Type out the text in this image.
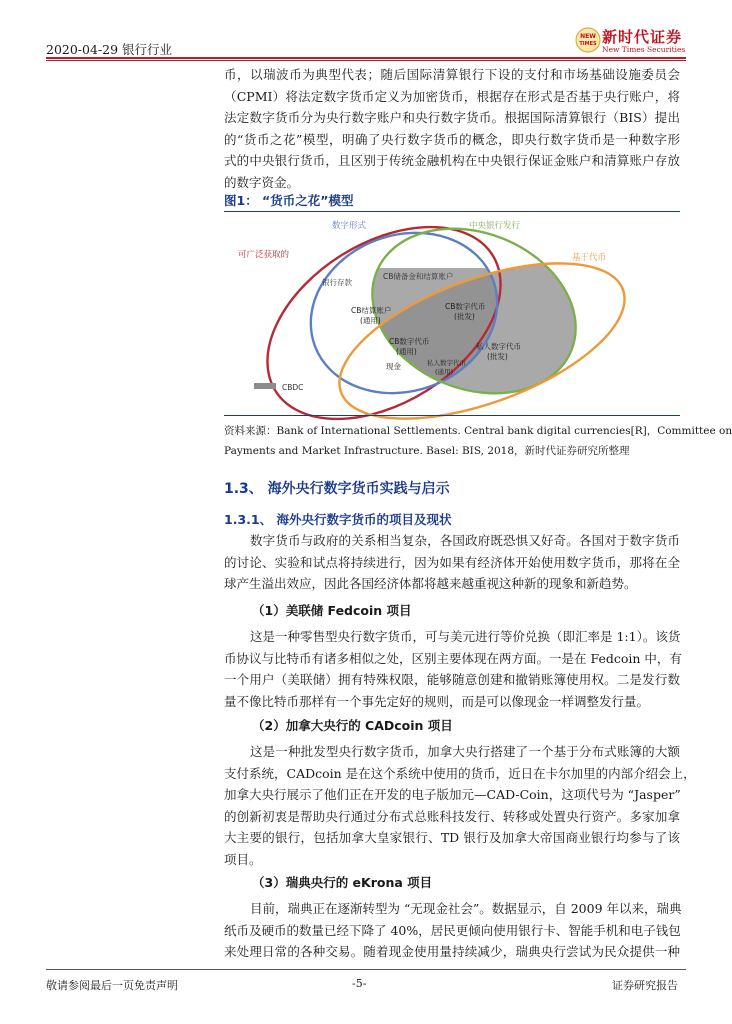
2020-04-29 银行行业
NEW
TIMES 新时代证券
New Times Securities
币，以瑞波币为典型代表；随后国际清算银行下设的支付和市场基础设施委员会
（CPMI）将法定数字货币定义为加密货币，根据存在形式是否基于央行账户，将
法定数字货币分为央行数字账户和央行数字货币。根据国际清算银行（BIS）提出
的“货币之花”模型，明确了央行数字货币的概念，即央行数字货币是一种数字形
式的中央银行货币，且区别于传统金融机构在中央银行保证金账户和清算账户存放
的数字资金。
图1： “货币之花”模型
数字形式	中央银行发行
可广泛获取的	基于代币
银行存款
CB储备金和结算账户
CB结算账户
(通用)
CB数字代币
(批发)
CB数字代币
(通用)
现金	私人数字代币
(通用)
私人数字代币
(批发)
CBDC
资料来源：Bank of International Settlements. Central bank digital currencies[R]，Committee on
Payments and Market Infrastructure. Basel: BIS, 2018，新时代证券研究所整理
1.3、 海外央行数字货币实践与启示
1.3.1、 海外央行数字货币的项目及现状
数字货币与政府的关系相当复杂，各国政府既恐惧又好奇。各国对于数字货币
的讨论、实验和试点将持续进行，因为如果有经济体开始使用数字货币，那将在全
球产生溢出效应，因此各国经济体都将越来越重视这种新的现象和新趋势。
（1）美联储 Fedcoin 项目
这是一种零售型央行数字货币，可与美元进行等价兑换（即汇率是 1:1）。该货
币协议与比特币有诸多相似之处，区别主要体现在两方面。一是在 Fedcoin 中，有
一个用户（美联储）拥有特殊权限，能够随意创建和撤销账簿使用权。二是发行数
量不像比特币那样有一个事先定好的规则，而是可以像现金一样调整发行量。
（2）加拿大央行的 CADcoin 项目
这是一种批发型央行数字货币，加拿大央行搭建了一个基于分布式账簿的大额
支付系统，CADcoin 是在这个系统中使用的货币，近日在卡尔加里的内部介绍会上，
加拿大央行展示了他们正在开发的电子版加元—CAD-Coin，这项代号为 “Jasper”
的创新初衷是帮助央行通过分布式总账科技发行、转移或处置央行资产。多家加拿
大主要的银行，包括加拿大皇家银行、TD 银行及加拿大帝国商业银行均参与了该
项目。
（3）瑞典央行的 eKrona 项目
目前，瑞典正在逐渐转型为 “无现金社会”。数据显示，自 2009 年以来，瑞典
纸币及硬币的数量已经下降了 40%，居民更倾向使用银行卡、智能手机和电子钱包
来处理日常的各种交易。随着现金使用量持续减少，瑞典央行尝试为民众提供一种
敬请参阅最后一页免责声明	-5-	证券研究报告
